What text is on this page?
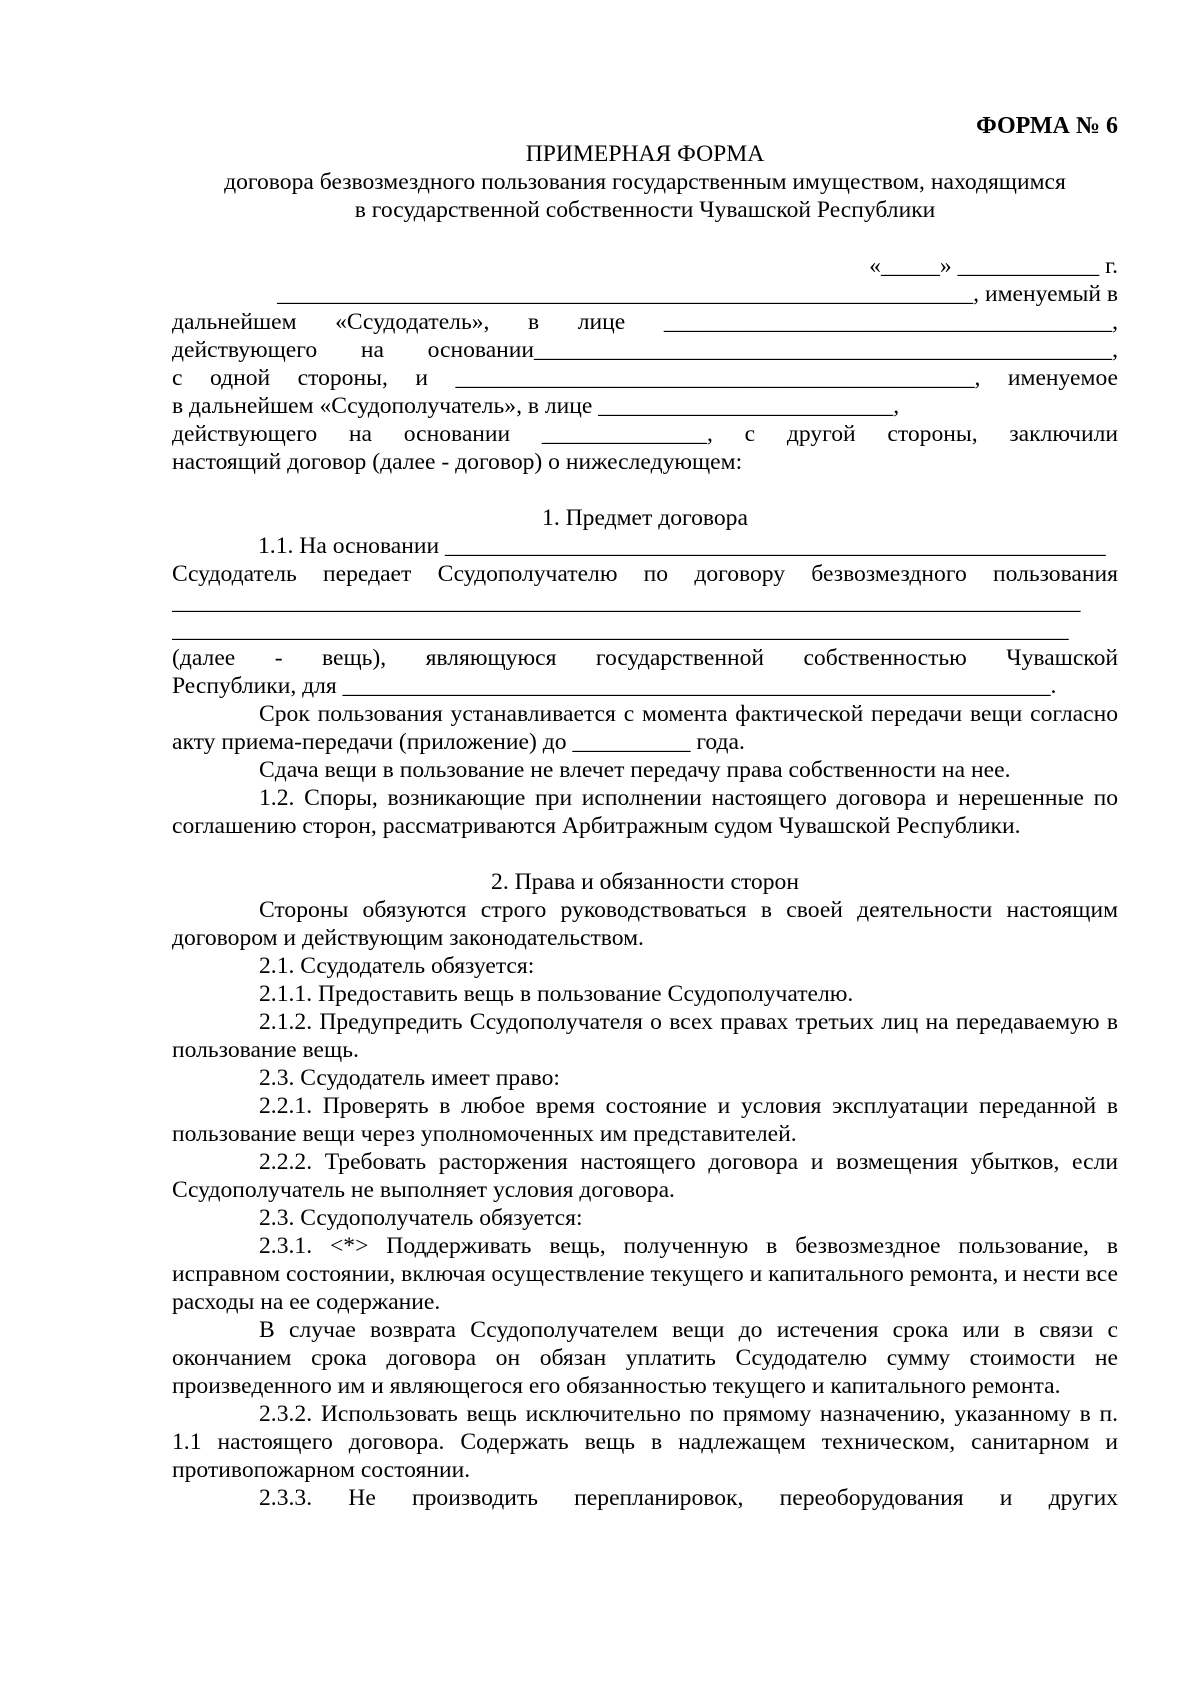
ФОРМА № 6
ПРИМЕРНАЯ ФОРМА
договора безвозмездного пользования государственным имуществом, находящимся
в государственной собственности Чувашской Республики
«_____» ____________ г.
___________________________________________________________, именуемый в
дальнейшем «Ссудодатель», в лице ______________________________________,
действующего на основании_________________________________________________,
с одной стороны, и ____________________________________________, именуемое
в дальнейшем «Ссудополучатель», в лице _________________________,
действующего на основании ______________, с другой стороны, заключили
настоящий договор (далее - договор) о нижеследующем:
1. Предмет договора
1.1. На основании ________________________________________________________
Ссудодатель передает Ссудополучателю по договору безвозмездного пользования
_____________________________________________________________________________
____________________________________________________________________________
(далее - вещь), являющуюся государственной собственностью Чувашской
Республики, для ____________________________________________________________.
Срок пользования устанавливается с момента фактической передачи вещи согласно акту приема-передачи (приложение) до __________ года.
Сдача вещи в пользование не влечет передачу права собственности на нее.
1.2. Споры, возникающие при исполнении настоящего договора и нерешенные по соглашению сторон, рассматриваются Арбитражным судом Чувашской Республики.
2. Права и обязанности сторон
Стороны обязуются строго руководствоваться в своей деятельности настоящим договором и действующим законодательством.
2.1. Ссудодатель обязуется:
2.1.1. Предоставить вещь в пользование Ссудополучателю.
2.1.2. Предупредить Ссудополучателя о всех правах третьих лиц на передаваемую в пользование вещь.
2.3. Ссудодатель имеет право:
2.2.1. Проверять в любое время состояние и условия эксплуатации переданной в пользование вещи через уполномоченных им представителей.
2.2.2. Требовать расторжения настоящего договора и возмещения убытков, если Ссудополучатель не выполняет условия договора.
2.3. Ссудополучатель обязуется:
2.3.1. <*> Поддерживать вещь, полученную в безвозмездное пользование, в исправном состоянии, включая осуществление текущего и капитального ремонта, и нести все расходы на ее содержание.
В случае возврата Ссудополучателем вещи до истечения срока или в связи с окончанием срока договора он обязан уплатить Ссудодателю сумму стоимости не произведенного им и являющегося его обязанностью текущего и капитального ремонта.
2.3.2. Использовать вещь исключительно по прямому назначению, указанному в п. 1.1 настоящего договора. Содержать вещь в надлежащем техническом, санитарном и противопожарном состоянии.
2.3.3. Не производить перепланировок, переоборудования и других
